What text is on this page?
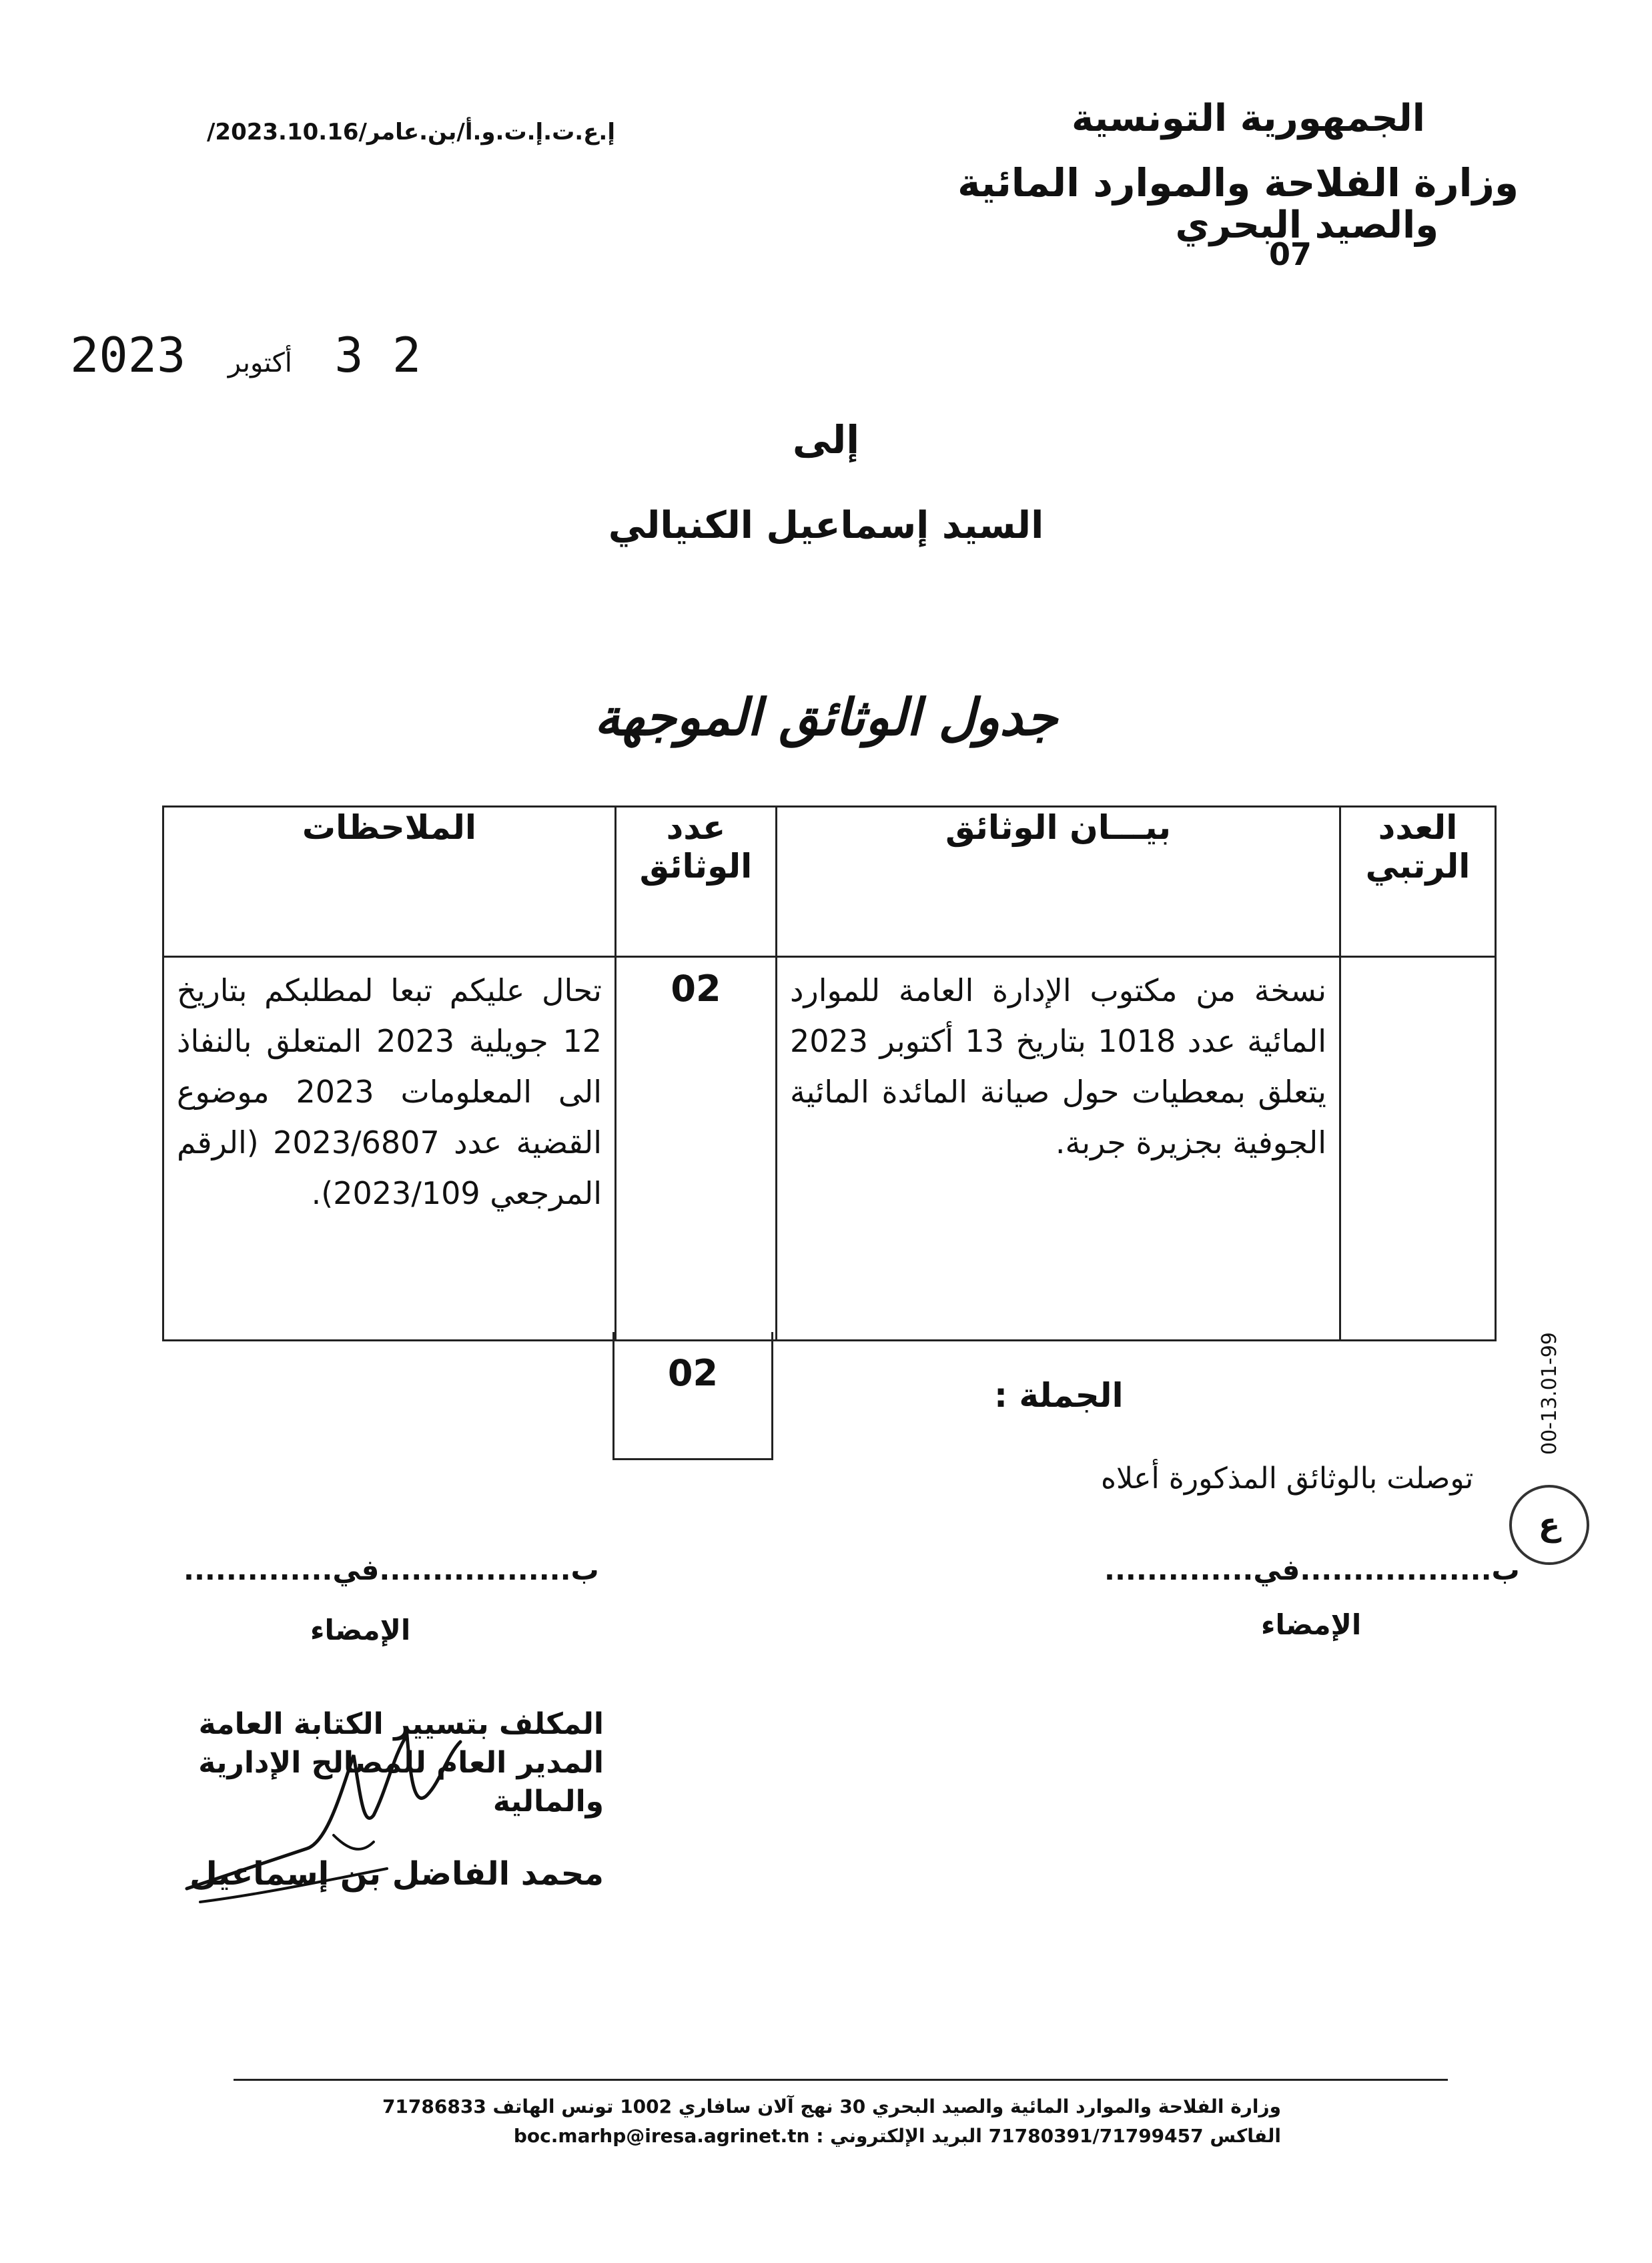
الجمهورية التونسية
وزارة الفلاحة والموارد المائية
والصيد البحري
07
إ.ع.ت.إ.ت.و.أ/بن.عامر/2023.10.16/
2 3 أكتوبر 2023
إلى
السيد إسماعيل الكنيالي
جدول الوثائق الموجهة
العدد الرتبي	بيـــان الوثائق	عدد الوثائق	الملاحظات

	نسخة من مكتوب الإدارة العامة للموارد المائية عدد 1018 بتاريخ 13 أكتوبر 2023 يتعلق بمعطيات حول صيانة المائدة المائية الجوفية بجزيرة جربة.	02	تحال عليكم تبعا لمطلبكم بتاريخ 12 جويلية 2023 المتعلق بالنفاذ الى المعلومات 2023 موضوع القضية عدد 2023/6807 (الرقم المرجعي 2023/109).
02
الجملة :	00-13.01-99
توصلت بالوثائق المذكورة أعلاه
ع
ب..................في..............
الإمضاء
ب..................في..............
الإمضاء
المكلف بتسيير الكتابة العامة
المدير العام للمصالح الإدارية والمالية
محمد الفاضل بن إسماعيل
وزارة الفلاحة والموارد المائية والصيد البحري 30 نهج آلان سافاري 1002 تونس الهاتف 71786833
الفاكس 71780391/71799457 البريد الإلكتروني : boc.marhp@iresa.agrinet.tn
